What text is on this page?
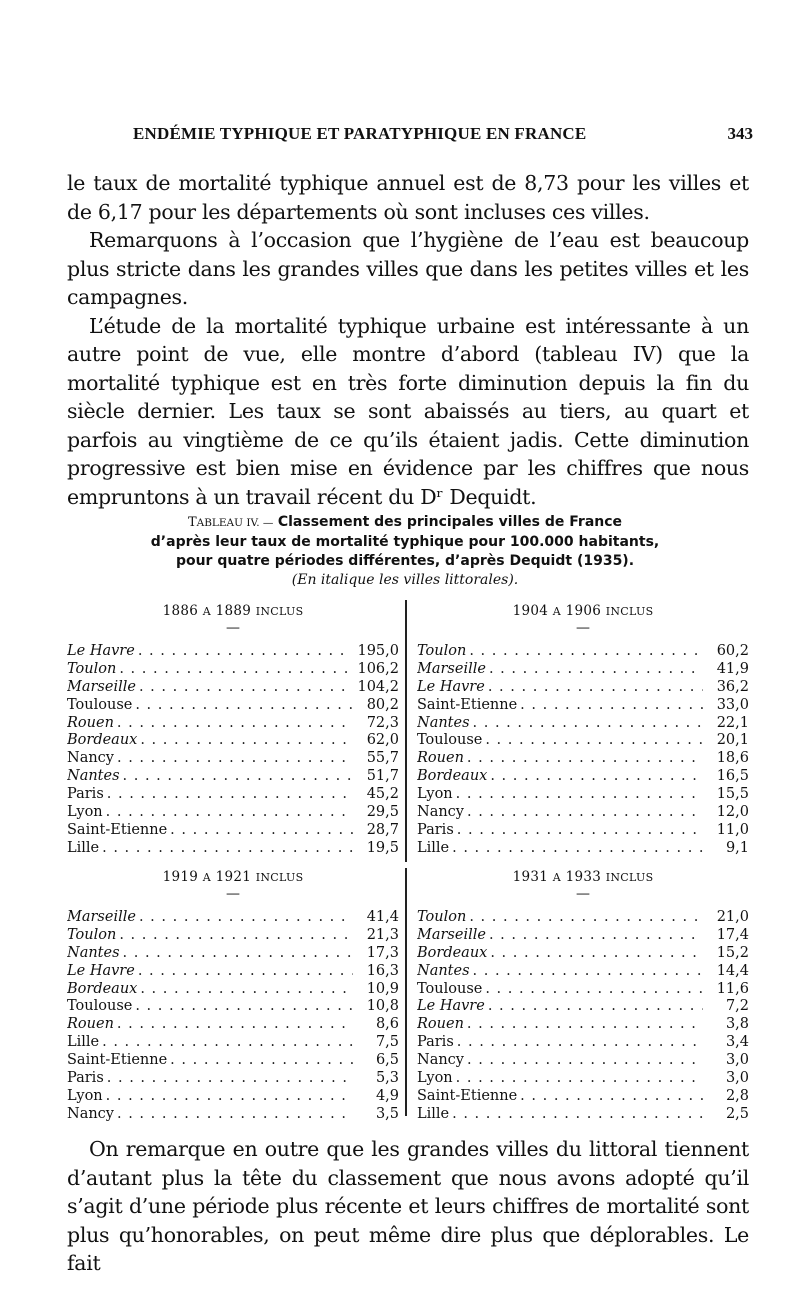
ENDÉMIE TYPHIQUE ET PARATYPHIQUE EN FRANCE	343

le taux de mortalité typhique annuel est de 8,73 pour les villes et de 6,17 pour les départements où sont incluses ces villes.

Remarquons à l’occasion que l’hygiène de l’eau est beaucoup plus stricte dans les grandes villes que dans les petites villes et les campagnes.

L’étude de la mortalité typhique urbaine est intéressante à un autre point de vue, elle montre d’abord (tableau IV) que la mortalité typhique est en très forte diminution depuis la fin du siècle dernier. Les taux se sont abaissés au tiers, au quart et parfois au vingtième de ce qu’ils étaient jadis. Cette diminution progressive est bien mise en évidence par les chiffres que nous empruntons à un travail récent du Dʳ Dequidt.

TABLEAU IV. — Classement des principales villes de France
d’après leur taux de mortalité typhique pour 100.000 habitants,
pour quatre périodes différentes, d’après Dequidt (1935).
(En italique les villes littorales).
1886 A 1889 INCLUS
—
Le Havre . . .	195,0
Toulon . . .	106,2
Marseille . . .	104,2
Toulouse . . .	80,2
Rouen . . .	72,3
Bordeaux . . .	62,0
Nancy . . .	55,7
Nantes . . .	51,7
Paris . . .	45,2
Lyon . . .	29,5
Saint-Etienne . . .	28,7
Lille . . .	19,5
1904 A 1906 INCLUS
—
Toulon . . .	60,2
Marseille . . .	41,9
Le Havre . . .	36,2
Saint-Étienne . . .	33,0
Nantes . . .	22,1
Toulouse . . .	20,1
Rouen . . .	18,6
Bordeaux . . .	16,5
Lyon . . .	15,5
Nancy . . .	12,0
Paris . . .	11,0
Lille . . .	9,1
1919 A 1921 INCLUS
—
Marseille . . .	41,4
Toulon . . .	21,3
Nantes . . .	17,3
Le Havre . . .	16,3
Bordeaux . . .	10,9
Toulouse . . .	10,8
Rouen . . .	8,6
Lille . . .	7,5
Saint-Etienne . . .	6,5
Paris . . .	5,3
Lyon . . .	4,9
Nancy . . .	3,5
1931 A 1933 INCLUS
—
Toulon . . .	21,0
Marseille . . .	17,4
Bordeaux . . .	15,2
Nantes . . .	14,4
Toulouse . . .	11,6
Le Havre . . .	7,2
Rouen . . .	3,8
Paris . . .	3,4
Nancy . . .	3,0
Lyon . . .	3,0
Saint-Etienne . . .	2,8
Lille . . .	2,5

On remarque en outre que les grandes villes du littoral tiennent d’autant plus la tête du classement que nous avons adopté qu’il s’agit d’une période plus récente et leurs chiffres de mortalité sont plus qu’honorables, on peut même dire plus que déplorables. Le fait
